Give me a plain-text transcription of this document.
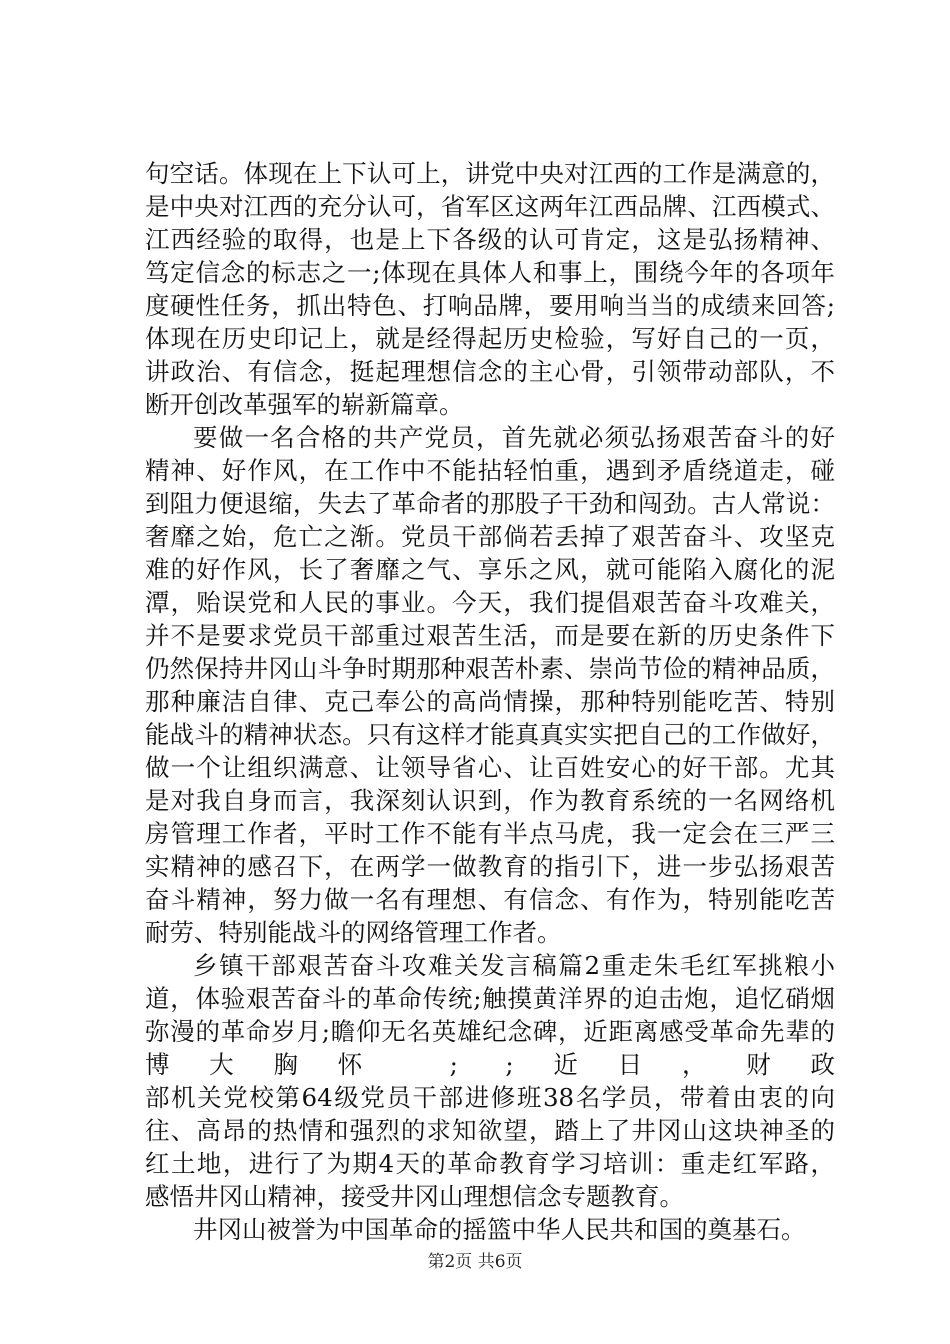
句空话。体现在上下认可上，讲党中央对江西的工作是满意的，
是中央对江西的充分认可，省军区这两年江西品牌、江西模式、
江西经验的取得，也是上下各级的认可肯定，这是弘扬精神、
笃定信念的标志之一;体现在具体人和事上，围绕今年的各项年
度硬性任务，抓出特色、打响品牌，要用响当当的成绩来回答;
体现在历史印记上，就是经得起历史检验，写好自己的一页，
讲政治、有信念，挺起理想信念的主心骨，引领带动部队，不
断开创改革强军的崭新篇章。
要做一名合格的共产党员，首先就必须弘扬艰苦奋斗的好
精神、好作风，在工作中不能拈轻怕重，遇到矛盾绕道走，碰
到阻力便退缩，失去了革命者的那股子干劲和闯劲。古人常说：
奢靡之始，危亡之渐。党员干部倘若丢掉了艰苦奋斗、攻坚克
难的好作风，长了奢靡之气、享乐之风，就可能陷入腐化的泥
潭，贻误党和人民的事业。今天，我们提倡艰苦奋斗攻难关，
并不是要求党员干部重过艰苦生活，而是要在新的历史条件下
仍然保持井冈山斗争时期那种艰苦朴素、崇尚节俭的精神品质，
那种廉洁自律、克己奉公的高尚情操，那种特别能吃苦、特别
能战斗的精神状态。只有这样才能真真实实把自己的工作做好，
做一个让组织满意、让领导省心、让百姓安心的好干部。尤其
是对我自身而言，我深刻认识到，作为教育系统的一名网络机
房管理工作者，平时工作不能有半点马虎，我一定会在三严三
实精神的感召下，在两学一做教育的指引下，进一步弘扬艰苦
奋斗精神，努力做一名有理想、有信念、有作为，特别能吃苦
耐劳、特别能战斗的网络管理工作者。
乡镇干部艰苦奋斗攻难关发言稿篇2重走朱毛红军挑粮小
道，体验艰苦奋斗的革命传统;触摸黄洋界的迫击炮，追忆硝烟
弥漫的革命岁月;瞻仰无名英雄纪念碑，近距离感受革命先辈的
博大胸怀 ; ;近日，财政
部机关党校第64级党员干部进修班38名学员，带着由衷的向
往、高昂的热情和强烈的求知欲望，踏上了井冈山这块神圣的
红土地，进行了为期4天的革命教育学习培训：重走红军路，
感悟井冈山精神，接受井冈山理想信念专题教育。
井冈山被誉为中国革命的摇篮中华人民共和国的奠基石。
第2页 共6页
